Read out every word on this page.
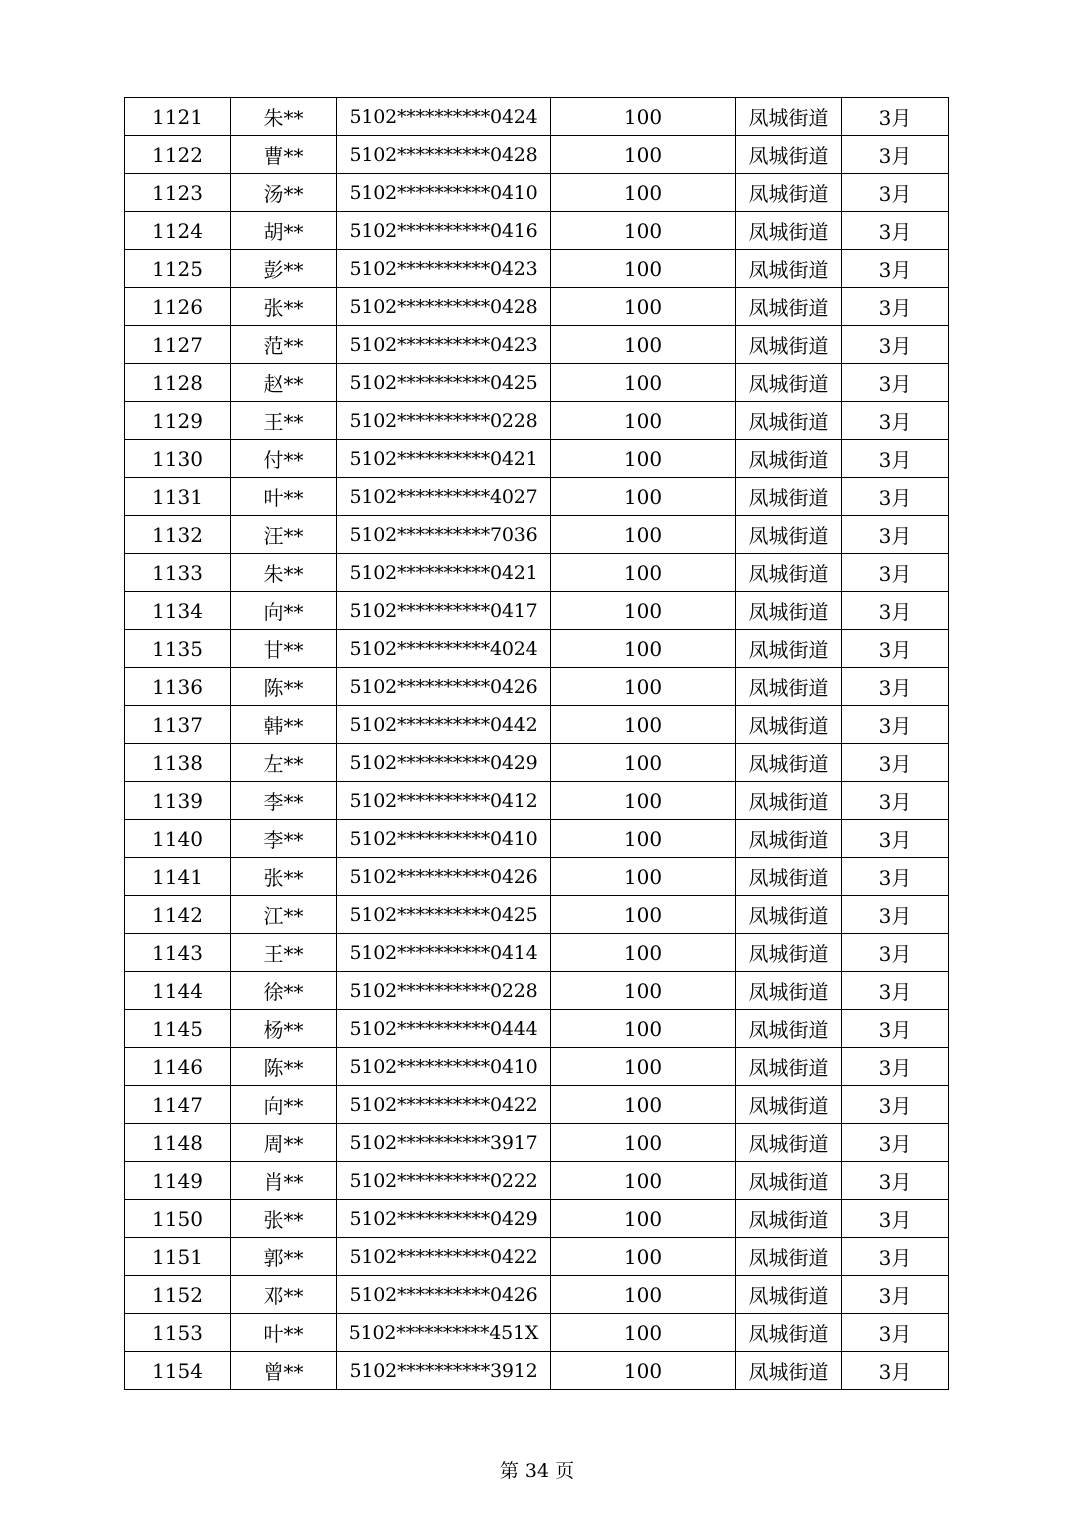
1121	朱**	5102**********0424	100	凤城街道	3月
1122	曹**	5102**********0428	100	凤城街道	3月
1123	汤**	5102**********0410	100	凤城街道	3月
1124	胡**	5102**********0416	100	凤城街道	3月
1125	彭**	5102**********0423	100	凤城街道	3月
1126	张**	5102**********0428	100	凤城街道	3月
1127	范**	5102**********0423	100	凤城街道	3月
1128	赵**	5102**********0425	100	凤城街道	3月
1129	王**	5102**********0228	100	凤城街道	3月
1130	付**	5102**********0421	100	凤城街道	3月
1131	叶**	5102**********4027	100	凤城街道	3月
1132	汪**	5102**********7036	100	凤城街道	3月
1133	朱**	5102**********0421	100	凤城街道	3月
1134	向**	5102**********0417	100	凤城街道	3月
1135	甘**	5102**********4024	100	凤城街道	3月
1136	陈**	5102**********0426	100	凤城街道	3月
1137	韩**	5102**********0442	100	凤城街道	3月
1138	左**	5102**********0429	100	凤城街道	3月
1139	李**	5102**********0412	100	凤城街道	3月
1140	李**	5102**********0410	100	凤城街道	3月
1141	张**	5102**********0426	100	凤城街道	3月
1142	江**	5102**********0425	100	凤城街道	3月
1143	王**	5102**********0414	100	凤城街道	3月
1144	徐**	5102**********0228	100	凤城街道	3月
1145	杨**	5102**********0444	100	凤城街道	3月
1146	陈**	5102**********0410	100	凤城街道	3月
1147	向**	5102**********0422	100	凤城街道	3月
1148	周**	5102**********3917	100	凤城街道	3月
1149	肖**	5102**********0222	100	凤城街道	3月
1150	张**	5102**********0429	100	凤城街道	3月
1151	郭**	5102**********0422	100	凤城街道	3月
1152	邓**	5102**********0426	100	凤城街道	3月
1153	叶**	5102**********451X	100	凤城街道	3月
1154	曾**	5102**********3912	100	凤城街道	3月
第 34 页
